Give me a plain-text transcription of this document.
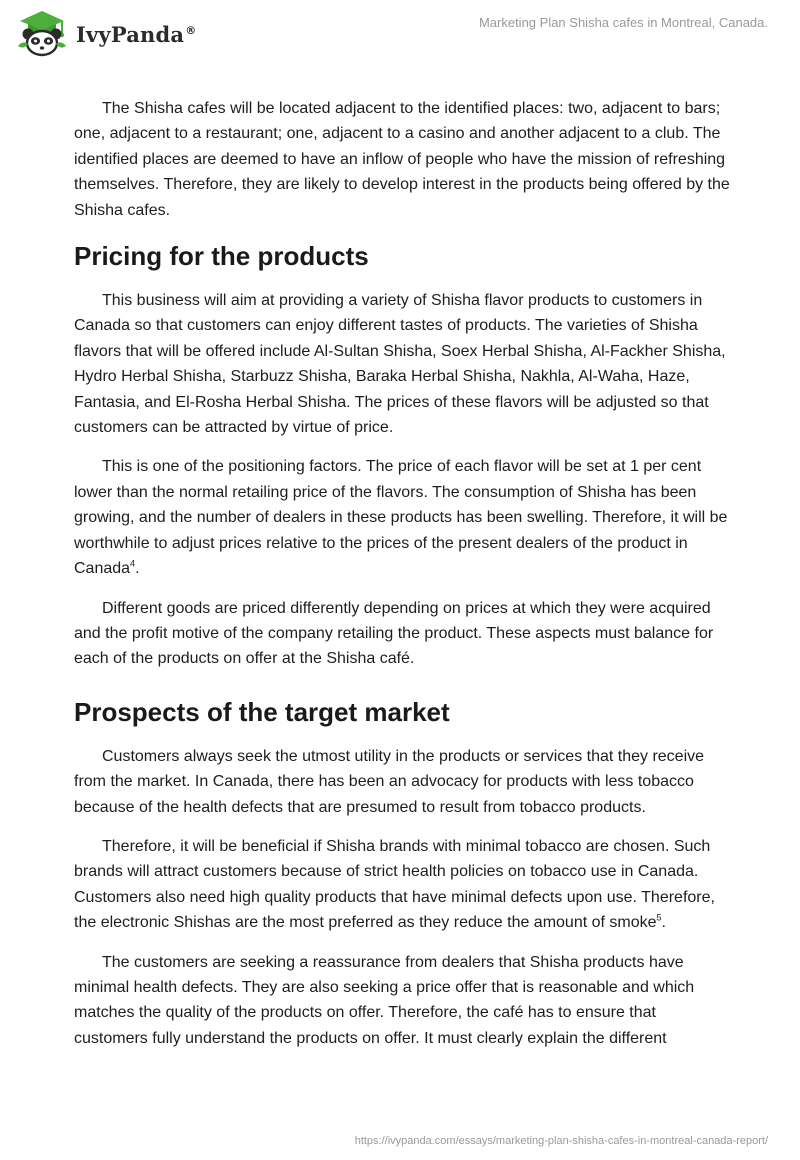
IvyPanda®	Marketing Plan Shisha cafes in Montreal, Canada.

The Shisha cafes will be located adjacent to the identified places: two, adjacent to bars; one, adjacent to a restaurant; one, adjacent to a casino and another adjacent to a club. The identified places are deemed to have an inflow of people who have the mission of refreshing themselves. Therefore, they are likely to develop interest in the products being offered by the Shisha cafes.

Pricing for the products

This business will aim at providing a variety of Shisha flavor products to customers in Canada so that customers can enjoy different tastes of products. The varieties of Shisha flavors that will be offered include Al-Sultan Shisha, Soex Herbal Shisha, Al-Fackher Shisha, Hydro Herbal Shisha, Starbuzz Shisha, Baraka Herbal Shisha, Nakhla, Al-Waha, Haze, Fantasia, and El-Rosha Herbal Shisha. The prices of these flavors will be adjusted so that customers can be attracted by virtue of price.

This is one of the positioning factors. The price of each flavor will be set at 1 per cent lower than the normal retailing price of the flavors. The consumption of Shisha has been growing, and the number of dealers in these products has been swelling. Therefore, it will be worthwhile to adjust prices relative to the prices of the present dealers of the product in Canada$^4$.

Different goods are priced differently depending on prices at which they were acquired and the profit motive of the company retailing the product. These aspects must balance for each of the products on offer at the Shisha café.

Prospects of the target market

Customers always seek the utmost utility in the products or services that they receive from the market. In Canada, there has been an advocacy for products with less tobacco because of the health defects that are presumed to result from tobacco products.

Therefore, it will be beneficial if Shisha brands with minimal tobacco are chosen. Such brands will attract customers because of strict health policies on tobacco use in Canada. Customers also need high quality products that have minimal defects upon use. Therefore, the electronic Shishas are the most preferred as they reduce the amount of smoke$^5$.

The customers are seeking a reassurance from dealers that Shisha products have minimal health defects. They are also seeking a price offer that is reasonable and which matches the quality of the products on offer. Therefore, the café has to ensure that customers fully understand the products on offer. It must clearly explain the different

https://ivypanda.com/essays/marketing-plan-shisha-cafes-in-montreal-canada-report/
